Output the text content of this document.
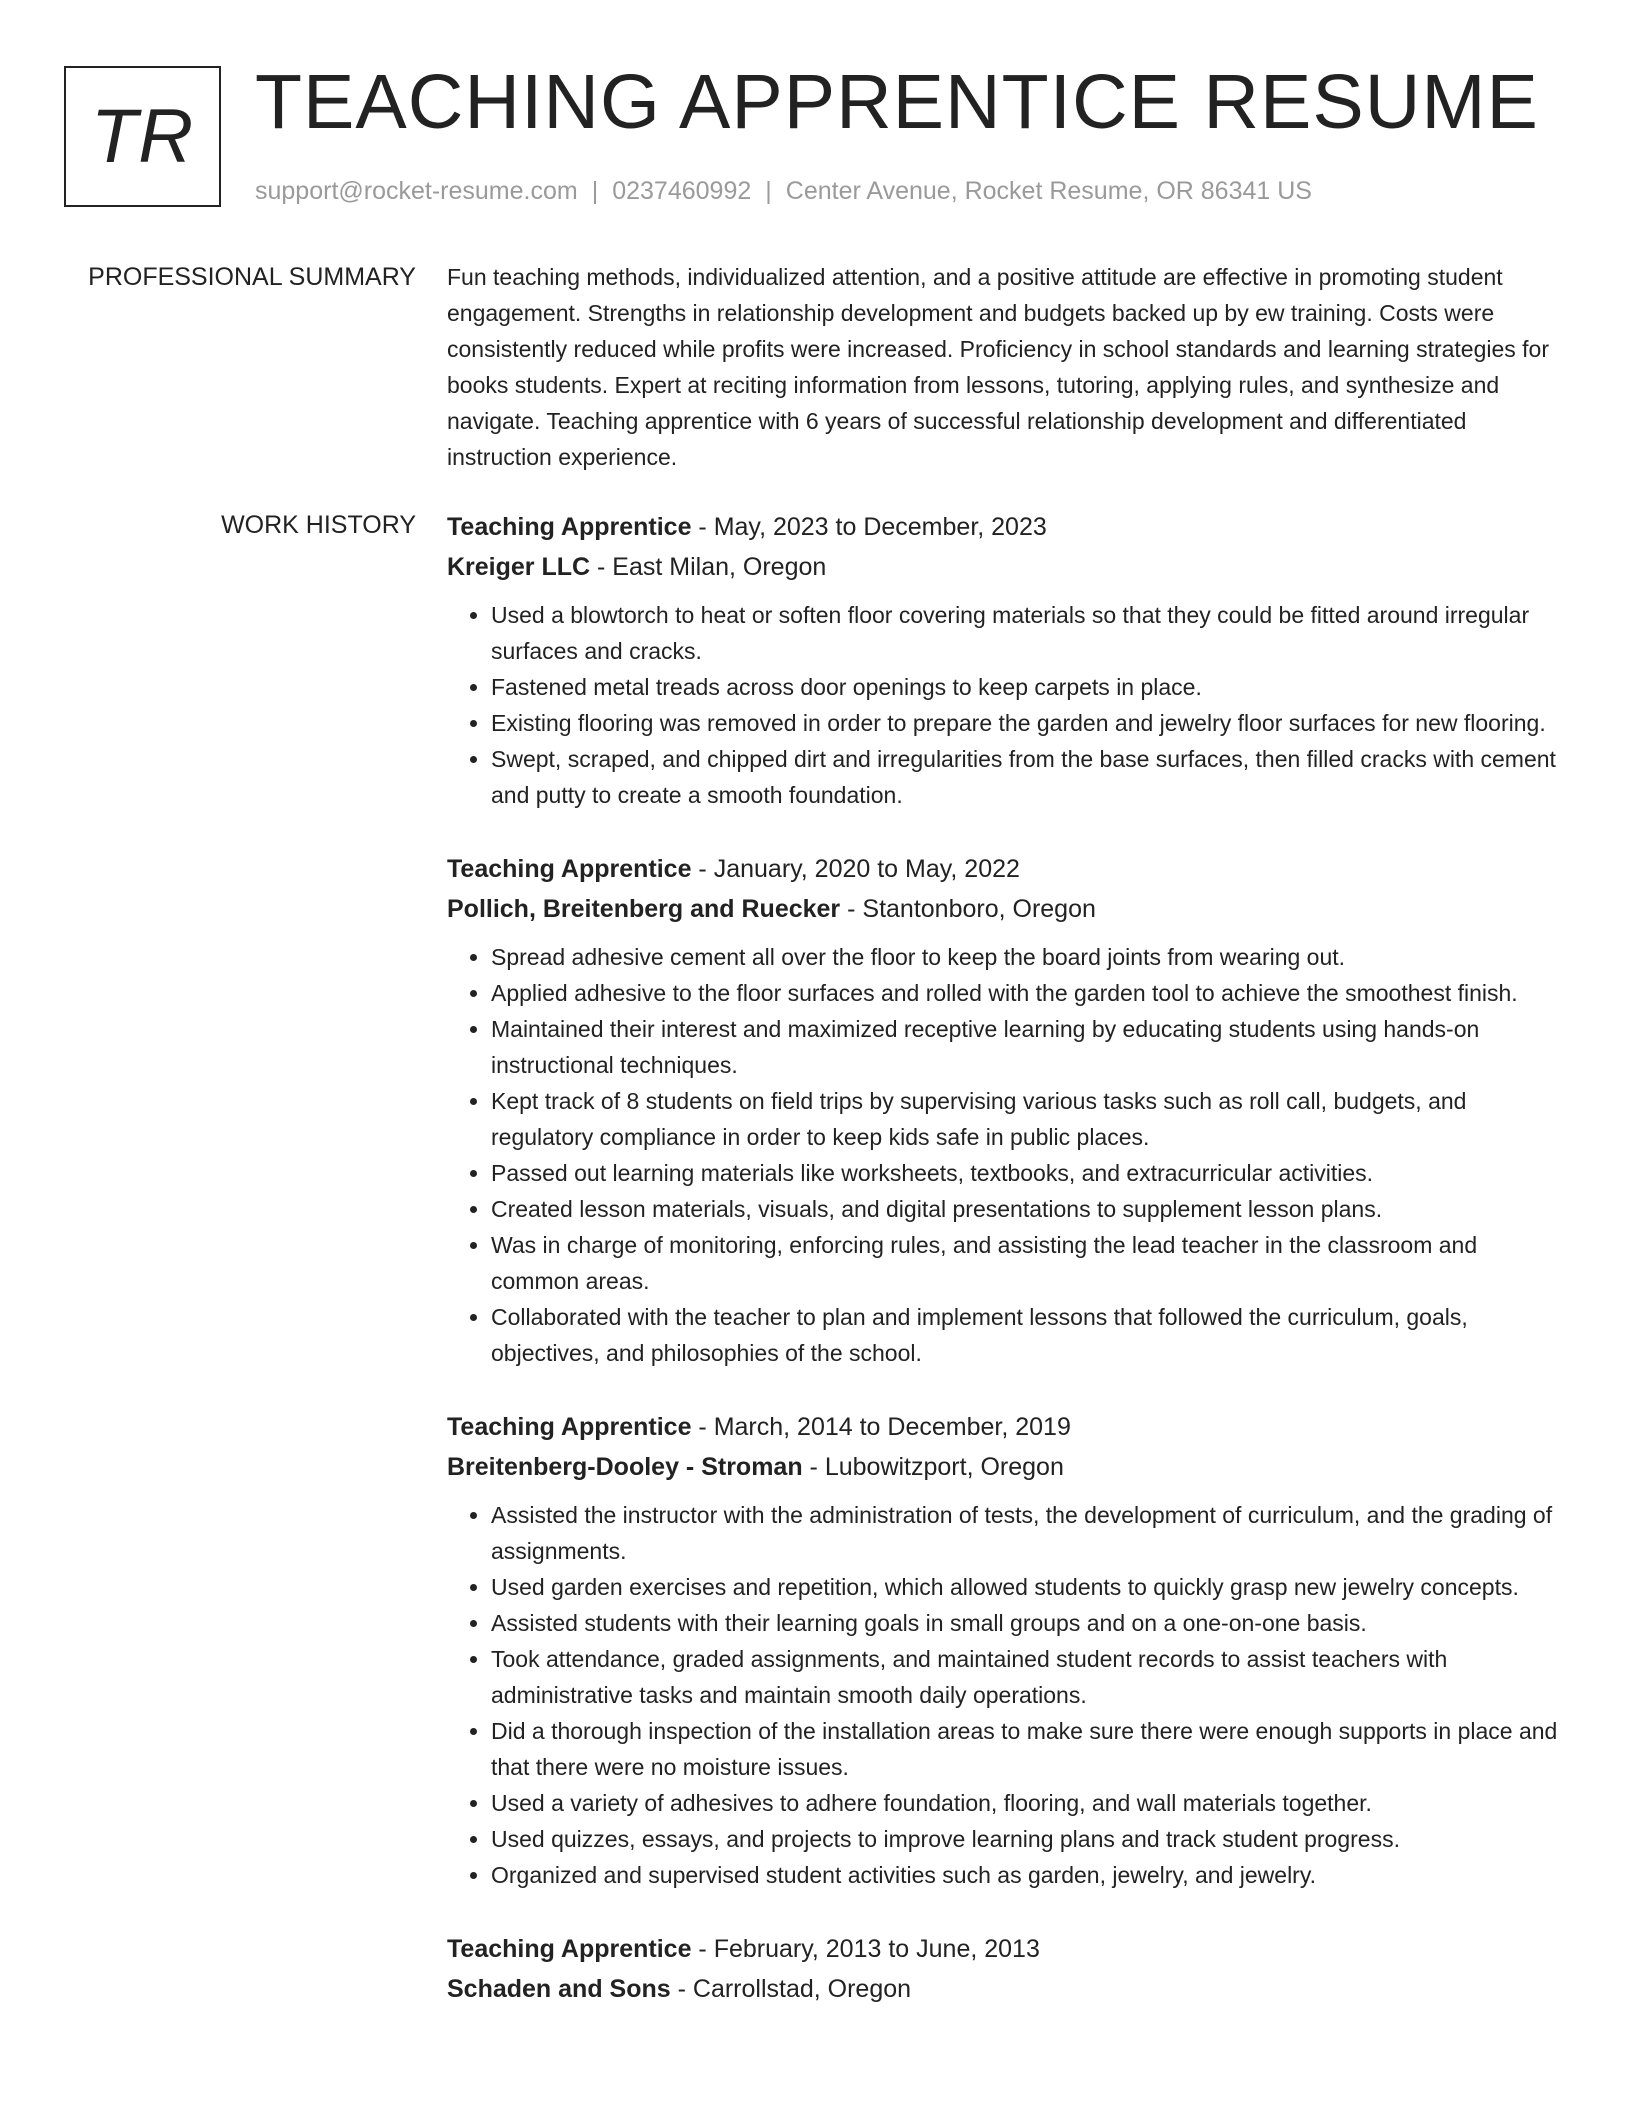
TR TEACHING APPRENTICE RESUME
support@rocket-resume.com | 0237460992 | Center Avenue, Rocket Resume, OR 86341 US
PROFESSIONAL SUMMARY Fun teaching methods, individualized attention, and a positive attitude are effective in promoting student engagement. Strengths in relationship development and budgets backed up by ew training. Costs were consistently reduced while profits were increased. Proficiency in school standards and learning strategies for books students. Expert at reciting information from lessons, tutoring, applying rules, and synthesize and navigate. Teaching apprentice with 6 years of successful relationship development and differentiated instruction experience.

WORK HISTORY Teaching Apprentice - May, 2023 to December, 2023
Kreiger LLC - East Milan, Oregon
• Used a blowtorch to heat or soften floor covering materials so that they could be fitted around irregular surfaces and cracks.
• Fastened metal treads across door openings to keep carpets in place.
• Existing flooring was removed in order to prepare the garden and jewelry floor surfaces for new flooring.
• Swept, scraped, and chipped dirt and irregularities from the base surfaces, then filled cracks with cement and putty to create a smooth foundation.
Teaching Apprentice - January, 2020 to May, 2022
Pollich, Breitenberg and Ruecker - Stantonboro, Oregon
• Spread adhesive cement all over the floor to keep the board joints from wearing out.
• Applied adhesive to the floor surfaces and rolled with the garden tool to achieve the smoothest finish.
• Maintained their interest and maximized receptive learning by educating students using hands-on instructional techniques.
• Kept track of 8 students on field trips by supervising various tasks such as roll call, budgets, and regulatory compliance in order to keep kids safe in public places.
• Passed out learning materials like worksheets, textbooks, and extracurricular activities.
• Created lesson materials, visuals, and digital presentations to supplement lesson plans.
• Was in charge of monitoring, enforcing rules, and assisting the lead teacher in the classroom and common areas.
• Collaborated with the teacher to plan and implement lessons that followed the curriculum, goals, objectives, and philosophies of the school.
Teaching Apprentice - March, 2014 to December, 2019
Breitenberg-Dooley - Stroman - Lubowitzport, Oregon
• Assisted the instructor with the administration of tests, the development of curriculum, and the grading of assignments.
• Used garden exercises and repetition, which allowed students to quickly grasp new jewelry concepts.
• Assisted students with their learning goals in small groups and on a one-on-one basis.
• Took attendance, graded assignments, and maintained student records to assist teachers with administrative tasks and maintain smooth daily operations.
• Did a thorough inspection of the installation areas to make sure there were enough supports in place and that there were no moisture issues.
• Used a variety of adhesives to adhere foundation, flooring, and wall materials together.
• Used quizzes, essays, and projects to improve learning plans and track student progress.
• Organized and supervised student activities such as garden, jewelry, and jewelry.
Teaching Apprentice - February, 2013 to June, 2013
Schaden and Sons - Carrollstad, Oregon
